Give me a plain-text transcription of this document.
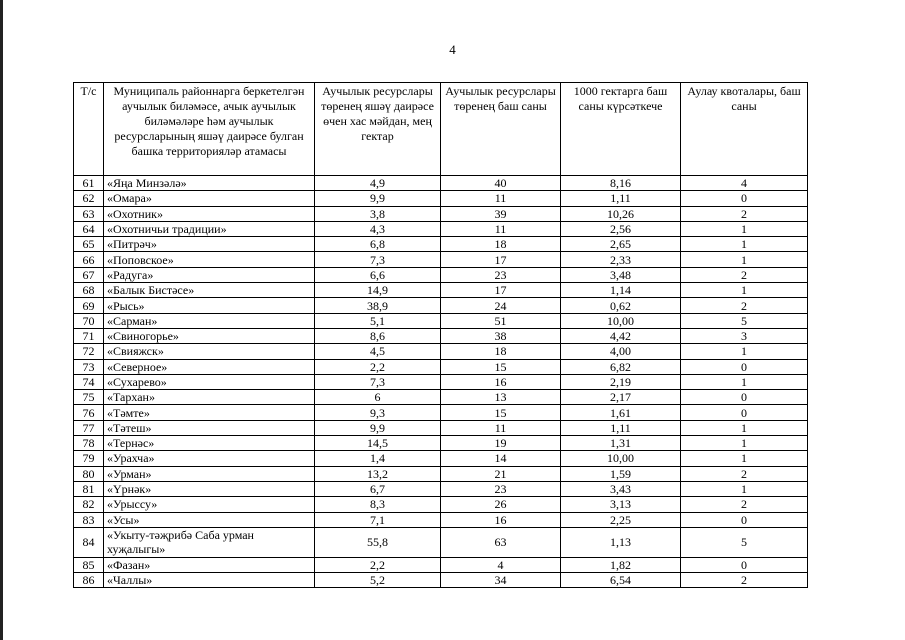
4
Т/с	Муниципаль районнарга беркетелгән аучылык биләмәсе, ачык аучылык биләмәләре һәм аучылык ресурсларының яшәү даирәсе булган башка территорияләр атамасы	Аучылык ресурслары төренең яшәү даирәсе өчен хас мәйдан, мең гектар	Аучылык ресурслары төренең баш саны	1000 гектарга баш саны күрсәткече	Аулау квоталары, баш саны
61	«Яңа Минзәлә»	4,9	40	8,16	4
62	«Омара»	9,9	11	1,11	0
63	«Охотник»	3,8	39	10,26	2
64	«Охотничьи традиции»	4,3	11	2,56	1
65	«Питрәч»	6,8	18	2,65	1
66	«Поповское»	7,3	17	2,33	1
67	«Радуга»	6,6	23	3,48	2
68	«Балык Бистәсе»	14,9	17	1,14	1
69	«Рысь»	38,9	24	0,62	2
70	«Сарман»	5,1	51	10,00	5
71	«Свиногорье»	8,6	38	4,42	3
72	«Свияжск»	4,5	18	4,00	1
73	«Северное»	2,2	15	6,82	0
74	«Сухарево»	7,3	16	2,19	1
75	«Тархан»	6	13	2,17	0
76	«Тәмте»	9,3	15	1,61	0
77	«Тәтеш»	9,9	11	1,11	1
78	«Тернәс»	14,5	19	1,31	1
79	«Урахча»	1,4	14	10,00	1
80	«Урман»	13,2	21	1,59	2
81	«Үрнәк»	6,7	23	3,43	1
82	«Урыссу»	8,3	26	3,13	2
83	«Усы»	7,1	16	2,25	0
84	«Укыту-тәҗрибә Саба урман хуҗалыгы»	55,8	63	1,13	5
85	«Фазан»	2,2	4	1,82	0
86	«Чаллы»	5,2	34	6,54	2
